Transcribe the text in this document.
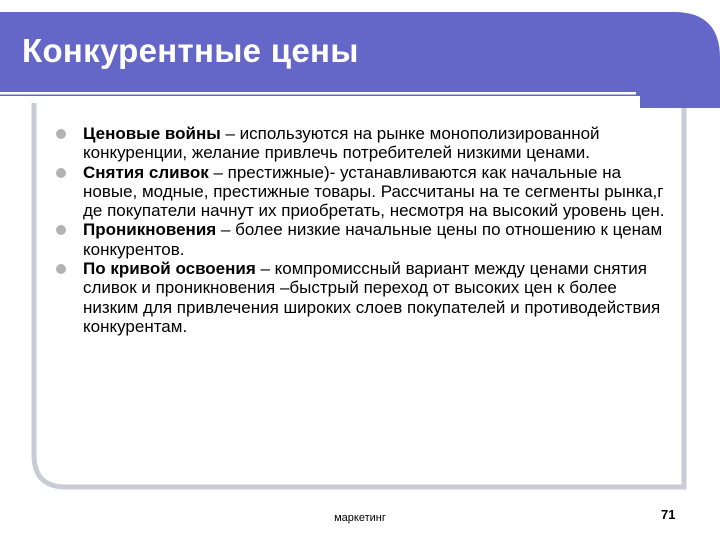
Конкурентные цены
Ценовые войны – используются на рынке монополизированной конкуренции, желание привлечь потребителей низкими ценами.
Снятия сливок – престижные)- устанавливаются как начальные на новые, модные, престижные товары. Рассчитаны на те сегменты рынка,г де покупатели начнут их приобретать, несмотря на высокий уровень цен.
Проникновения – более низкие начальные цены по отношению к ценам конкурентов.
По кривой освоения – компромиссный вариант между ценами снятия сливок и проникновения –быстрый переход от высоких цен к более низким для привлечения широких слоев покупателей и противодействия конкурентам.
маркетинг	71
